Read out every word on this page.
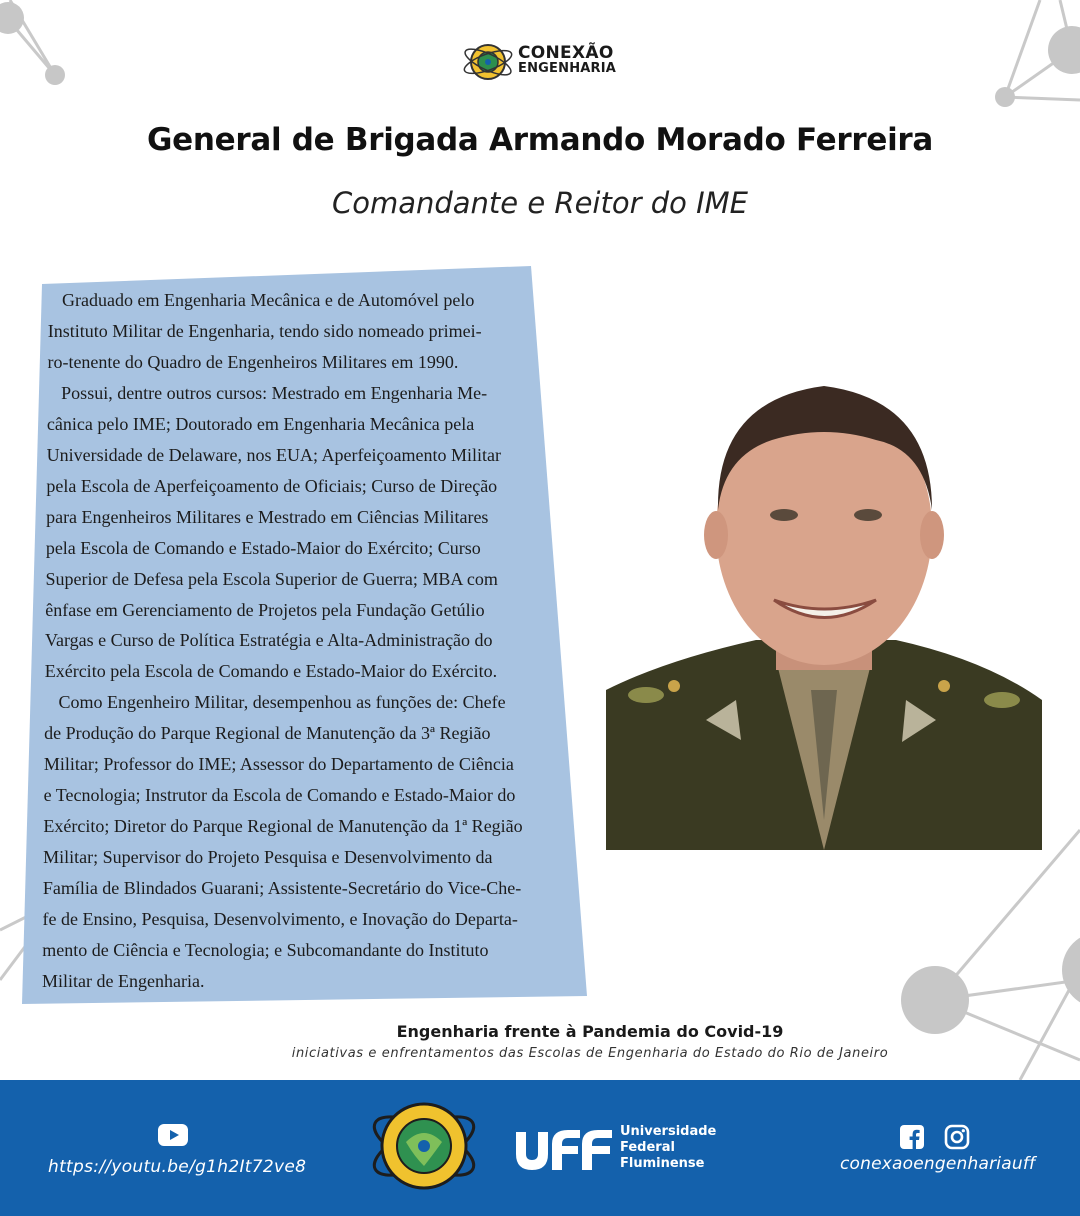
CONEXÃO
ENGENHARIA
General de Brigada Armando Morado Ferreira
Comandante e Reitor do IME
Graduado em Engenharia Mecânica e de Automóvel pelo
Instituto Militar de Engenharia, tendo sido nomeado primei-
ro-tenente do Quadro de Engenheiros Militares em 1990.
Possui, dentre outros cursos: Mestrado em Engenharia Me-
cânica pelo IME; Doutorado em Engenharia Mecânica pela
Universidade de Delaware, nos EUA; Aperfeiçoamento Militar
pela Escola de Aperfeiçoamento de Oficiais; Curso de Direção
para Engenheiros Militares e Mestrado em Ciências Militares
pela Escola de Comando e Estado-Maior do Exército; Curso
Superior de Defesa pela Escola Superior de Guerra; MBA com
ênfase em Gerenciamento de Projetos pela Fundação Getúlio
Vargas e Curso de Política Estratégia e Alta-Administração do
Exército pela Escola de Comando e Estado-Maior do Exército.
Como Engenheiro Militar, desempenhou as funções de: Chefe
de Produção do Parque Regional de Manutenção da 3ª Região
Militar; Professor do IME; Assessor do Departamento de Ciência
e Tecnologia; Instrutor da Escola de Comando e Estado-Maior do
Exército; Diretor do Parque Regional de Manutenção da 1ª Região
Militar; Supervisor do Projeto Pesquisa e Desenvolvimento da
Família de Blindados Guarani; Assistente-Secretário do Vice-Che-
fe de Ensino, Pesquisa, Desenvolvimento, e Inovação do Departa-
mento de Ciência e Tecnologia; e Subcomandante do Instituto
Militar de Engenharia.
Engenharia frente à Pandemia do Covid-19
iniciativas e enfrentamentos das Escolas de Engenharia do Estado do Rio de Janeiro
https://youtu.be/g1h2It72ve8
Universidade
Federal
Fluminense
	conexaoengenhariauff
